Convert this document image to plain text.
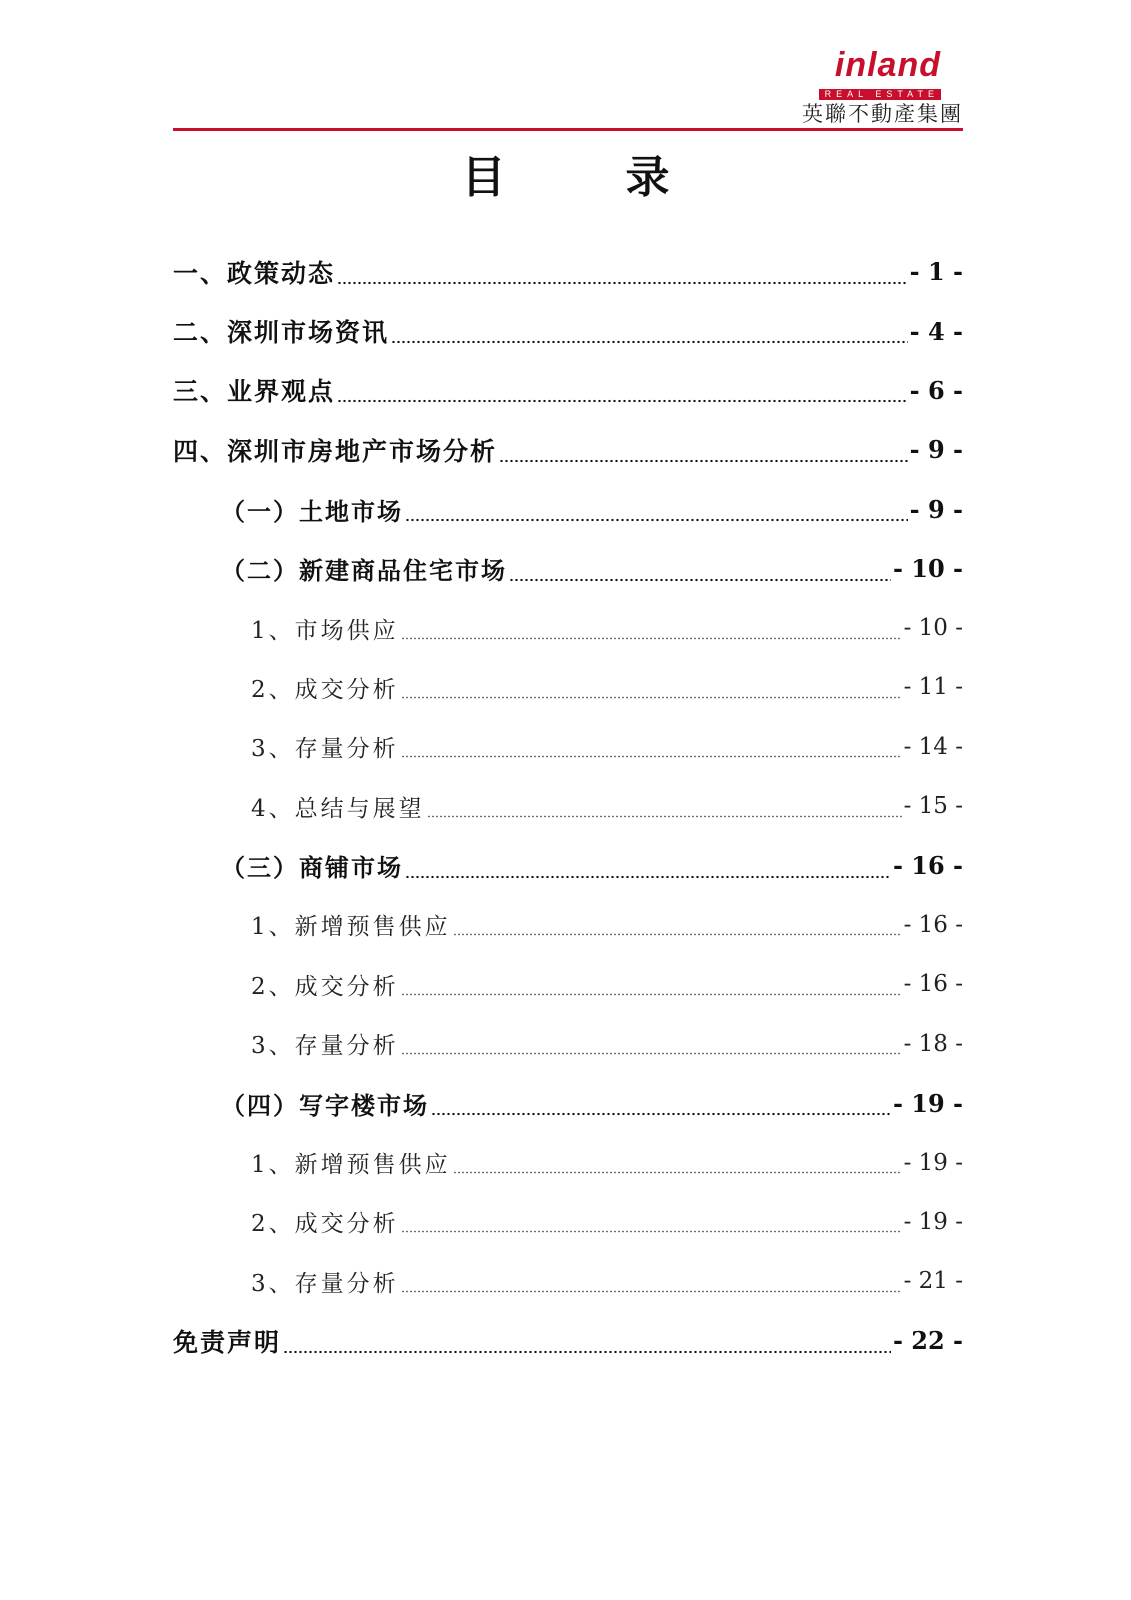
inland
REAL ESTATE
英聯不動產集團
目	录
一、政策动态	- 1 -
二、深圳市场资讯	- 4 -
三、业界观点	- 6 -
四、深圳市房地产市场分析	- 9 -
（一）土地市场	- 9 -
（二）新建商品住宅市场	- 10 -
1、市场供应	- 10 -
2、成交分析	- 11 -
3、存量分析	- 14 -
4、总结与展望	- 15 -
（三）商铺市场	- 16 -
1、新增预售供应	- 16 -
2、成交分析	- 16 -
3、存量分析	- 18 -
（四）写字楼市场	- 19 -
1、新增预售供应	- 19 -
2、成交分析	- 19 -
3、存量分析	- 21 -
免责声明	- 22 -
